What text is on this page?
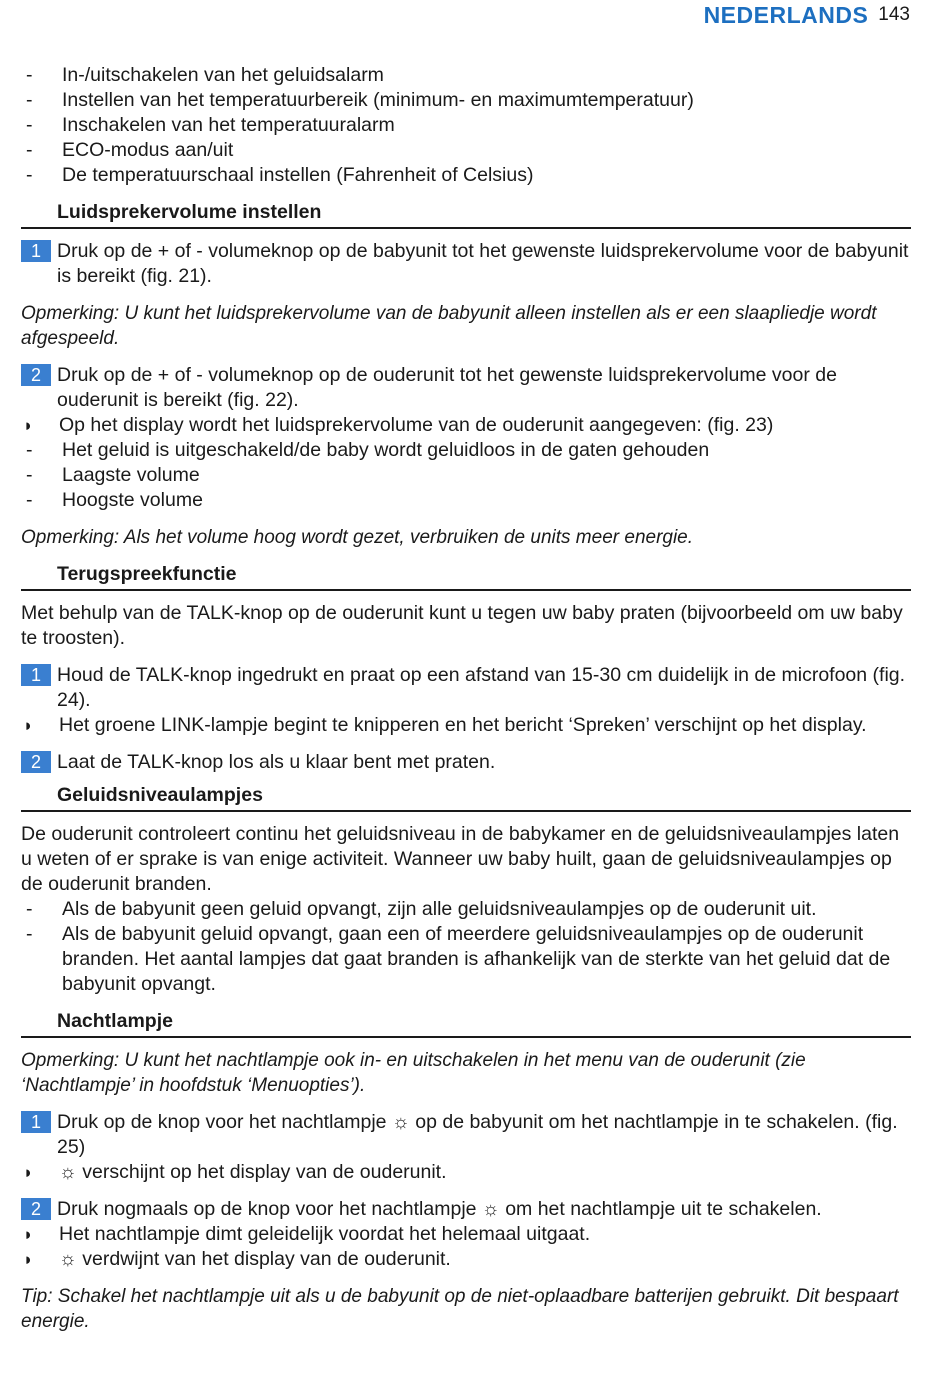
NEDERLANDS 143
-	In-/uitschakelen van het geluidsalarm
-	Instellen van het temperatuurbereik (minimum- en maximumtemperatuur)
-	Inschakelen van het temperatuuralarm
-	ECO-modus aan/uit
-	De temperatuurschaal instellen (Fahrenheit of Celsius)
Luidsprekervolume instellen
1 Druk op de + of - volumeknop op de babyunit tot het gewenste luidsprekervolume voor de babyunit is bereikt (fig. 21).
Opmerking: U kunt het luidsprekervolume van de babyunit alleen instellen als er een slaapliedje wordt afgespeeld.
2 Druk op de + of - volumeknop op de ouderunit tot het gewenste luidsprekervolume voor de ouderunit is bereikt (fig. 22).
◗	Op het display wordt het luidsprekervolume van de ouderunit aangegeven: (fig. 23)
-	Het geluid is uitgeschakeld/de baby wordt geluidloos in de gaten gehouden
-	Laagste volume
-	Hoogste volume
Opmerking: Als het volume hoog wordt gezet, verbruiken de units meer energie.
Terugspreekfunctie
Met behulp van de TALK-knop op de ouderunit kunt u tegen uw baby praten (bijvoorbeeld om uw baby te troosten).
1 Houd de TALK-knop ingedrukt en praat op een afstand van 15-30 cm duidelijk in de microfoon (fig. 24).
◗	Het groene LINK-lampje begint te knipperen en het bericht ‘Spreken’ verschijnt op het display.
2 Laat de TALK-knop los als u klaar bent met praten.
Geluidsniveaulampjes
De ouderunit controleert continu het geluidsniveau in de babykamer en de geluidsniveaulampjes laten u weten of er sprake is van enige activiteit. Wanneer uw baby huilt, gaan de geluidsniveaulampjes op de ouderunit branden.
-	Als de babyunit geen geluid opvangt, zijn alle geluidsniveaulampjes op de ouderunit uit.
-	Als de babyunit geluid opvangt, gaan een of meerdere geluidsniveaulampjes op de ouderunit branden. Het aantal lampjes dat gaat branden is afhankelijk van de sterkte van het geluid dat de babyunit opvangt.
Nachtlampje
Opmerking: U kunt het nachtlampje ook in- en uitschakelen in het menu van de ouderunit (zie ‘Nachtlampje’ in hoofdstuk ‘Menuopties’).
1 Druk op de knop voor het nachtlampje ☼ op de babyunit om het nachtlampje in te schakelen. (fig. 25)
◗	☼ verschijnt op het display van de ouderunit.
2 Druk nogmaals op de knop voor het nachtlampje ☼ om het nachtlampje uit te schakelen.
◗	Het nachtlampje dimt geleidelijk voordat het helemaal uitgaat.
◗	☼ verdwijnt van het display van de ouderunit.
Tip: Schakel het nachtlampje uit als u de babyunit op de niet-oplaadbare batterijen gebruikt. Dit bespaart energie.
